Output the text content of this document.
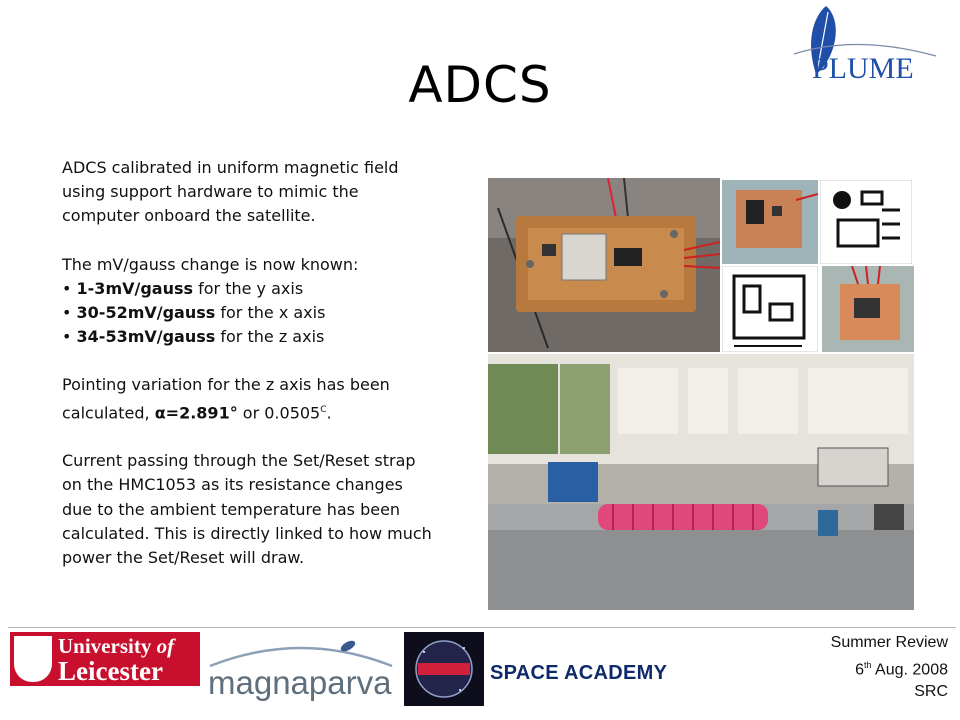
PLUME
ADCS

ADCS calibrated in uniform magnetic field using support hardware to mimic the computer onboard the satellite.

The mV/gauss change is now known:

• 1-3mV/gauss for the y axis
• 30-52mV/gauss for the x axis
• 34-53mV/gauss for the z axis

Pointing variation for the z axis has been calculated, α=2.891° or $0.0505^C$.

Current passing through the Set/Reset strap on the HMC1053 as its resistance changes due to the ambient temperature has been calculated. This is directly linked to how much power the Set/Reset will draw.

University of
Leicester magnaparva	SPACE ACADEMY
Summer Review
6th Aug. 2008
SRC
